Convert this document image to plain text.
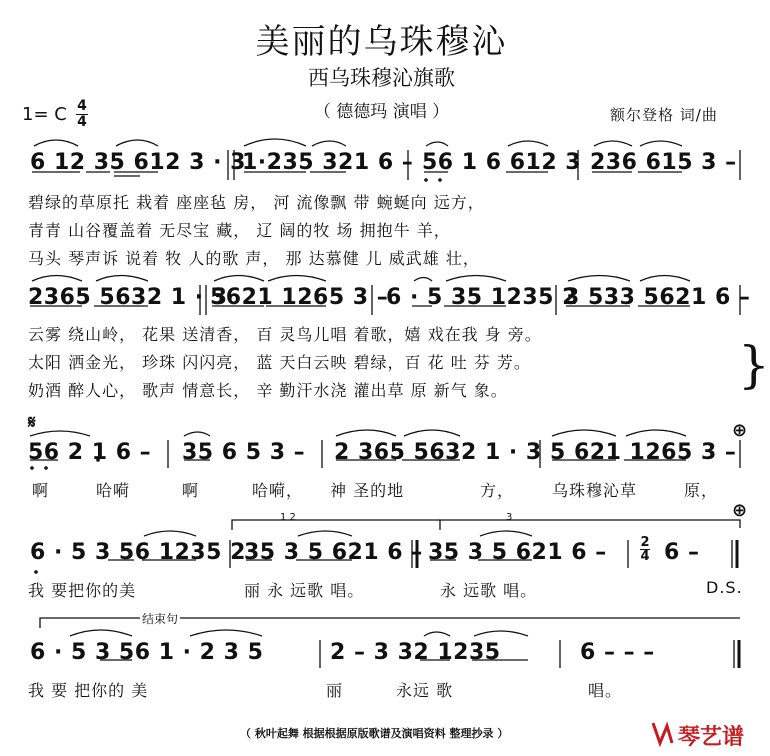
美丽的乌珠穆沁
西乌珠穆沁旗歌
（ 德德玛 演唱 ）
1= C 4
4	额尔登格 词/曲
6 12 35 612 3 · 3
1·235 321 6 – 56 1 6 612 3 236 615 3 –
碧绿的草原托 栽着 座座毡 房， 河 流像飘 带 蜿蜒向 远方，
青青 山谷覆盖着 无尽宝 藏， 辽 阔的牧 场 拥抱牛 羊，
马头 琴声诉 说着 牧 人的歌 声， 那 达慕健 儿 威武雄 壮，
2365 5632 1 · 3
5621 1265 3 –
6 · 5 35 1235 2
3 533 5621 6 –
云雾 绕山岭， 花果 送清香， 百 灵鸟儿唱 着歌，嬉 戏在我 身 旁。
太阳 洒金光， 珍珠 闪闪亮， 蓝 天白云映 碧绿，百 花 吐 芬 芳。
奶酒 醉人心， 歌声 情意长， 辛 勤汗水浇 灌出草 原 新气 象。	}
𝄋	⊕
56 2 1 6 – 35 6 5 3 – 2 365 5632 1 · 3 5 621 1265 3 –
啊	哈嗬	啊	哈嗬， 神 圣的地	方， 乌珠穆沁草	原，
1 2	3	⊕
6 · 5 3 56 1235 2
35 3 5 621 6 – 35 3 5 621 6 –	2
4 6 –
我 要把你的美	丽 永 远歌 唱。	永 远歌 唱。	D.S.
结束句
6 · 5 3 56 1 · 2 3 5	2 – 3 32 1235	6 – – –
我 要 把你的 美	丽	永远 歌	唱。
（ 秋叶起舞 根据根据原版歌谱及演唱资料 整理抄录 ）	琴艺谱
